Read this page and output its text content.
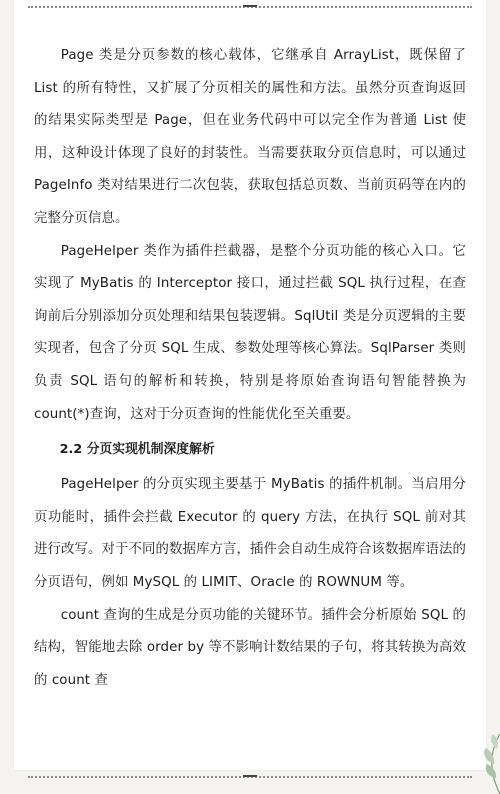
Page 类是分页参数的核心载体，它继承自 ArrayList，既保留了 List 的所有特性，又扩展了分页相关的属性和方法。虽然分页查询返回的结果实际类型是 Page，但在业务代码中可以完全作为普通 List 使用，这种设计体现了良好的封装性。当需要获取分页信息时，可以通过 PageInfo 类对结果进行二次包装，获取包括总页数、当前页码等在内的完整分页信息。

PageHelper 类作为插件拦截器，是整个分页功能的核心入口。它实现了 MyBatis 的 Interceptor 接口，通过拦截 SQL 执行过程，在查询前后分别添加分页处理和结果包装逻辑。SqlUtil 类是分页逻辑的主要实现者，包含了分页 SQL 生成、参数处理等核心算法。SqlParser 类则负责 SQL 语句的解析和转换，特别是将原始查询语句智能替换为 count(*)查询，这对于分页查询的性能优化至关重要。

2.2 分页实现机制深度解析

PageHelper 的分页实现主要基于 MyBatis 的插件机制。当启用分页功能时，插件会拦截 Executor 的 query 方法，在执行 SQL 前对其进行改写。对于不同的数据库方言，插件会自动生成符合该数据库语法的分页语句，例如 MySQL 的 LIMIT、Oracle 的 ROWNUM 等。

count 查询的生成是分页功能的关键环节。插件会分析原始 SQL 的结构，智能地去除 order by 等不影响计数结果的子句，将其转换为高效的 count 查
